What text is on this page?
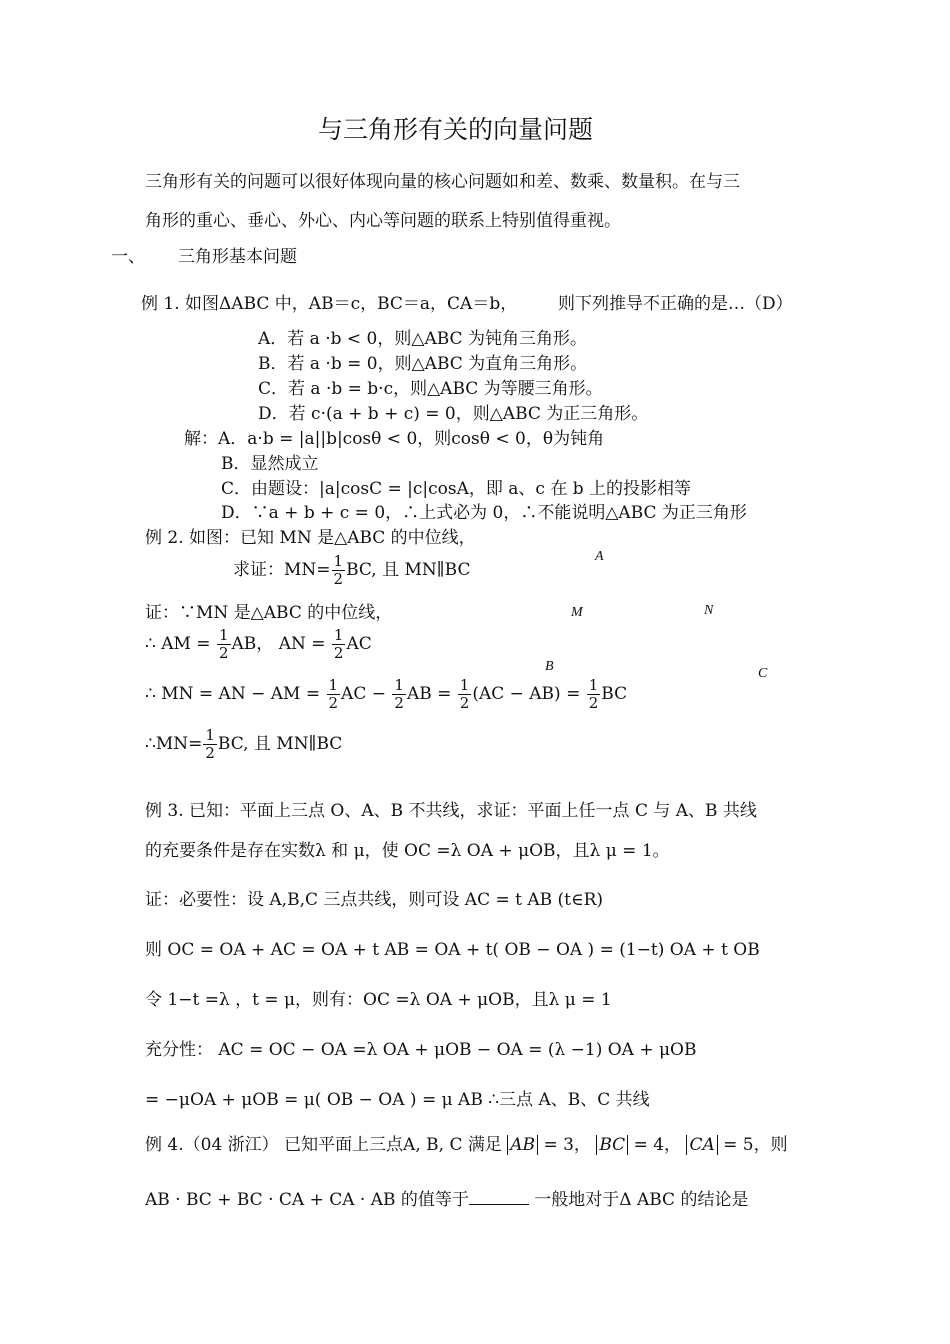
与三角形有关的向量问题
三角形有关的问题可以很好体现向量的核心问题如和差、数乘、数量积。在与三
角形的重心、垂心、外心、内心等问题的联系上特别值得重视。
一、 三角形基本问题
例 1. 如图ΔABC 中，AB＝c，BC＝a，CA＝b， 则下列推导不正确的是…（D）
A．若 a ·b < 0，则△ABC 为钝角三角形。
B．若 a ·b = 0，则△ABC 为直角三角形。
C．若 a ·b = b·c，则△ABC 为等腰三角形。
D．若 c·(a + b + c) = 0，则△ABC 为正三角形。
解：A．a·b = |a||b|cosθ < 0，则cosθ < 0，θ为钝角
B．显然成立
C．由题设：|a|cosC = |c|cosA，即 a、c 在 b 上的投影相等
D．∵a + b + c = 0，∴上式必为 0，∴不能说明△ABC 为正三角形
例 2. 如图：已知 MN 是△ABC 的中位线，
求证：$MN= \frac{1}{2}$ BC, 且 MN∥BC
证：∵MN 是△ABC 的中位线，
∴ AM = $\frac{1}{2}$ AB， AN = $\frac{1}{2}$ AC
∴ MN = AN − AM = $\frac{1}{2}$ AC − $\frac{1}{2}$ AB = $\frac{1}{2} (AC - AB) = \frac{1}{2}$ BC
∴MN= $\frac{1}{2}$ BC, 且 MN∥BC
A
M	N
B	C
例 3. 已知：平面上三点 O、A、B 不共线，求证：平面上任一点 C 与 A、B 共线
的充要条件是存在实数λ 和 μ，使 OC =λ OA + μOB，且λ μ = 1。
证：必要性：设 A,B,C 三点共线，则可设 AC = t AB (t∈R)
则 OC = OA + AC = OA + t AB = OA + t( OB − OA ) = (1−t) OA + t OB
令 1−t =λ ，t = μ，则有：OC =λ OA + μOB，且λ μ = 1
充分性： AC = OC − OA =λ OA + μOB − OA = (λ −1) OA + μOB
= −μOA + μOB = μ( OB − OA ) = μ AB ∴三点 A、B、C 共线
例 4.（04 浙江） 已知平面上三点A, B, C 满足 AB = 3， BC = 4， CA = 5，则
AB · BC + BC · CA + CA · AB 的值等于	一般地对于Δ ABC 的结论是
